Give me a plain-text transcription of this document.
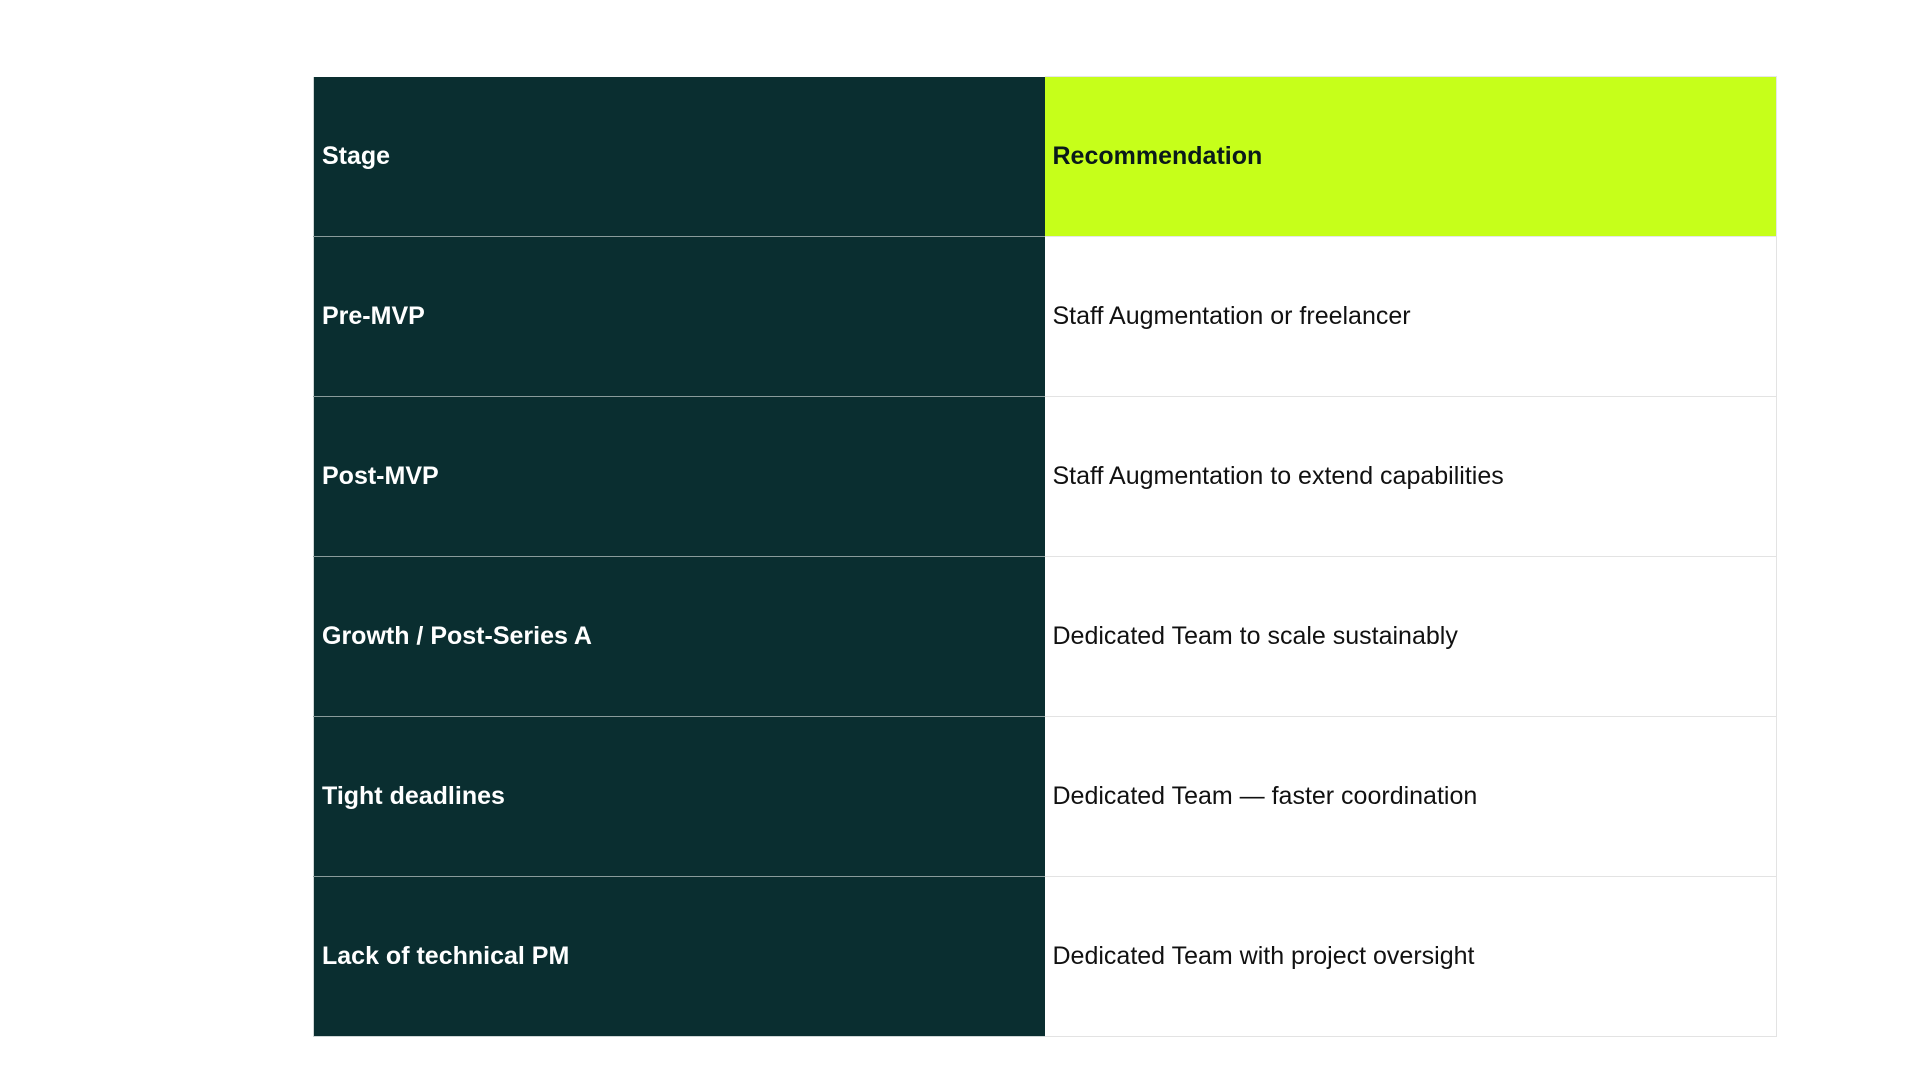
Stage	Recommendation
Pre-MVP	Staff Augmentation or freelancer
Post-MVP	Staff Augmentation to extend capabilities
Growth / Post-Series A	Dedicated Team to scale sustainably
Tight deadlines	Dedicated Team — faster coordination
Lack of technical PM	Dedicated Team with project oversight
